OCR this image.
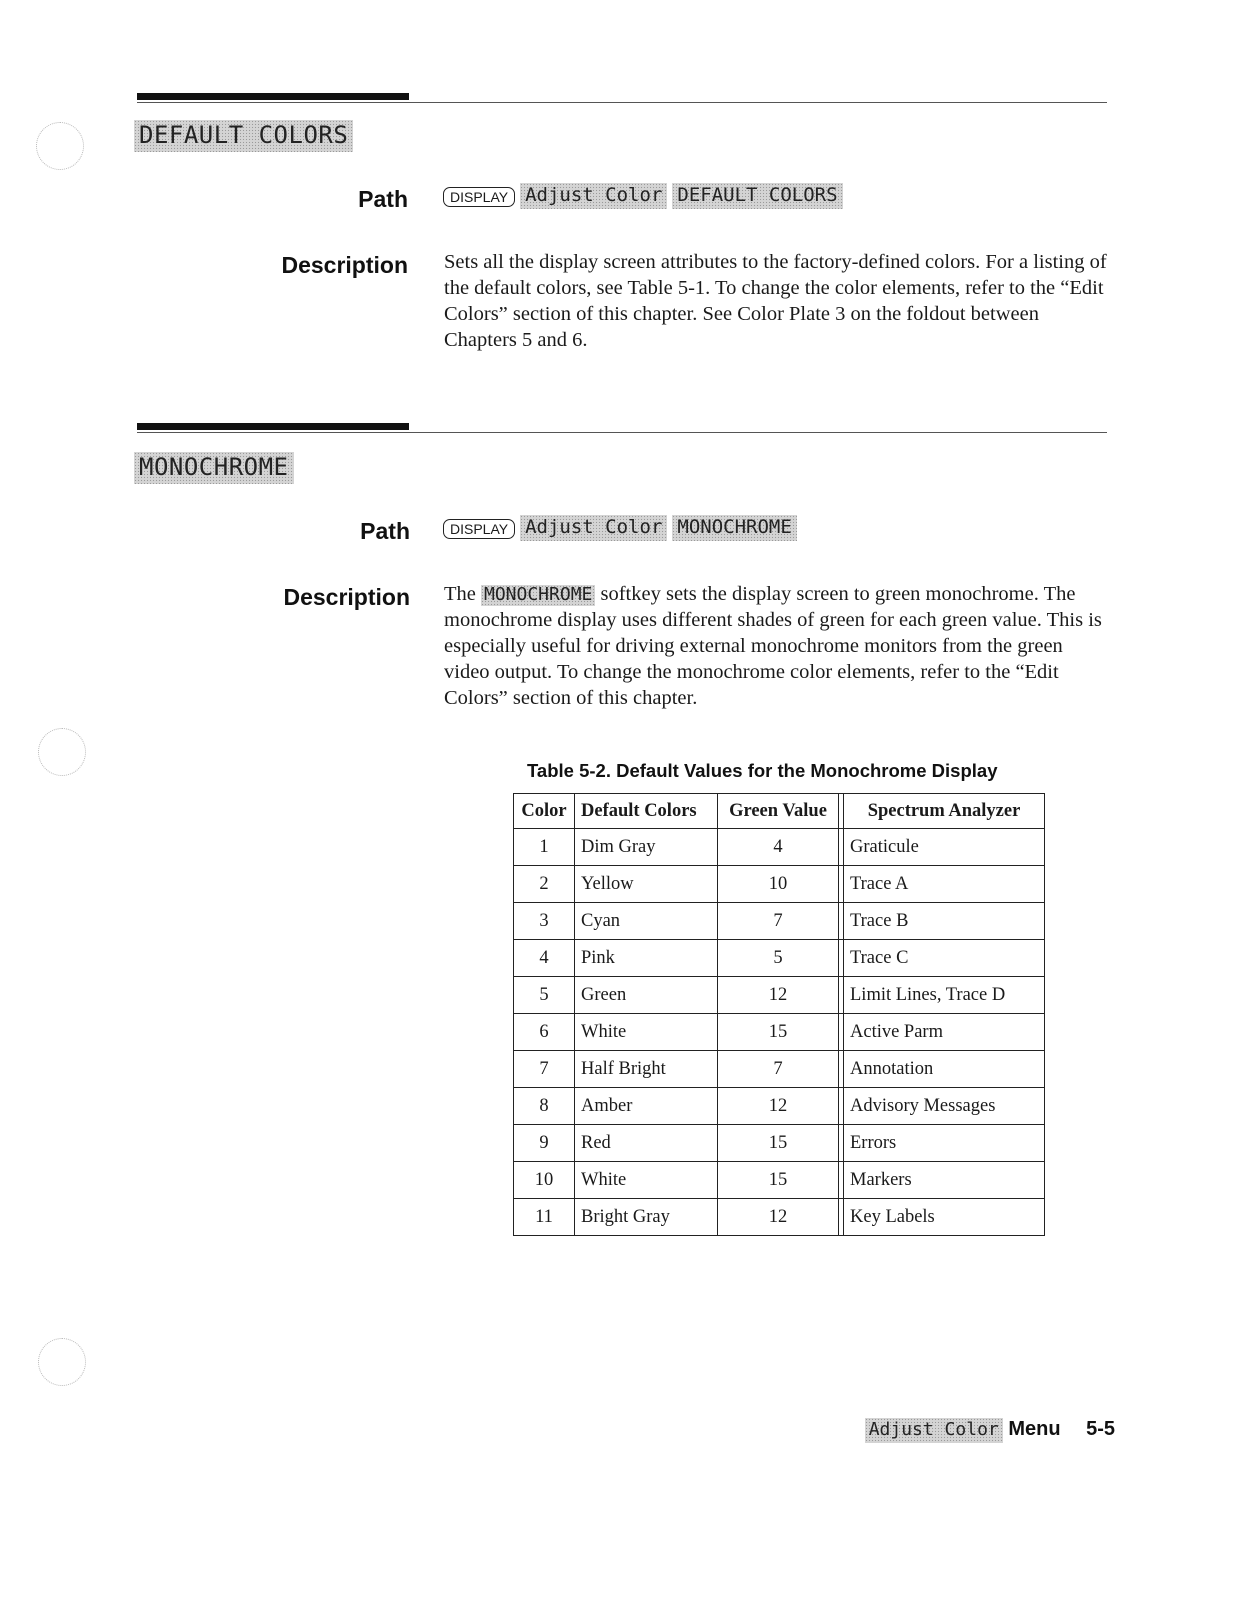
DEFAULT COLORS
Path	DISPLAY Adjust Color DEFAULT COLORS
Description Sets all the display screen attributes to the factory-defined colors. For a listing of the default colors, see Table 5-1. To change the color elements, refer to the “Edit Colors” section of this chapter. See Color Plate 3 on the foldout between Chapters 5 and 6.

MONOCHROME
Path	DISPLAY Adjust Color MONOCHROME
Description The MONOCHROME softkey sets the display screen to green monochrome. The monochrome display uses different shades of green for each green value. This is especially useful for driving external monochrome monitors from the green video output. To change the monochrome color elements, refer to the “Edit Colors” section of this chapter.

Table 5-2. Default Values for the Monochrome Display
Color	Default Colors	Green Value		Spectrum Analyzer
1	Dim Gray	4		Graticule
2	Yellow	10		Trace A
3	Cyan	7		Trace B
4	Pink	5		Trace C
5	Green	12		Limit Lines, Trace D
6	White	15		Active Parm
7	Half Bright	7		Annotation
8	Amber	12		Advisory Messages
9	Red	15		Errors
10	White	15		Markers
11	Bright Gray	12		Key Labels
Adjust Color Menu 5-5
